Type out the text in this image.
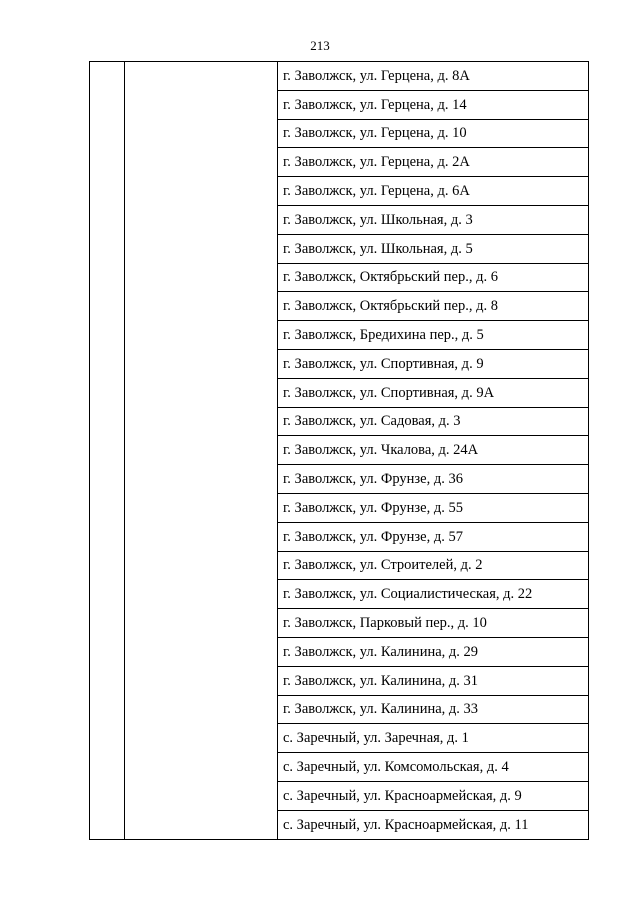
213
		г. Заволжск, ул. Герцена, д. 8А
г. Заволжск, ул. Герцена, д. 14
г. Заволжск, ул. Герцена, д. 10
г. Заволжск, ул. Герцена, д. 2А
г. Заволжск, ул. Герцена, д. 6А
г. Заволжск, ул. Школьная, д. 3
г. Заволжск, ул. Школьная, д. 5
г. Заволжск, Октябрьский пер., д. 6
г. Заволжск, Октябрьский пер., д. 8
г. Заволжск, Бредихина пер., д. 5
г. Заволжск, ул. Спортивная, д. 9
г. Заволжск, ул. Спортивная, д. 9А
г. Заволжск, ул. Садовая, д. 3
г. Заволжск, ул. Чкалова, д. 24А
г. Заволжск, ул. Фрунзе, д. 36
г. Заволжск, ул. Фрунзе, д. 55
г. Заволжск, ул. Фрунзе, д. 57
г. Заволжск, ул. Строителей, д. 2
г. Заволжск, ул. Социалистическая, д. 22
г. Заволжск, Парковый пер., д. 10
г. Заволжск, ул. Калинина, д. 29
г. Заволжск, ул. Калинина, д. 31
г. Заволжск, ул. Калинина, д. 33
с. Заречный, ул. Заречная, д. 1
с. Заречный, ул. Комсомольская, д. 4
с. Заречный, ул. Красноармейская, д. 9
с. Заречный, ул. Красноармейская, д. 11
